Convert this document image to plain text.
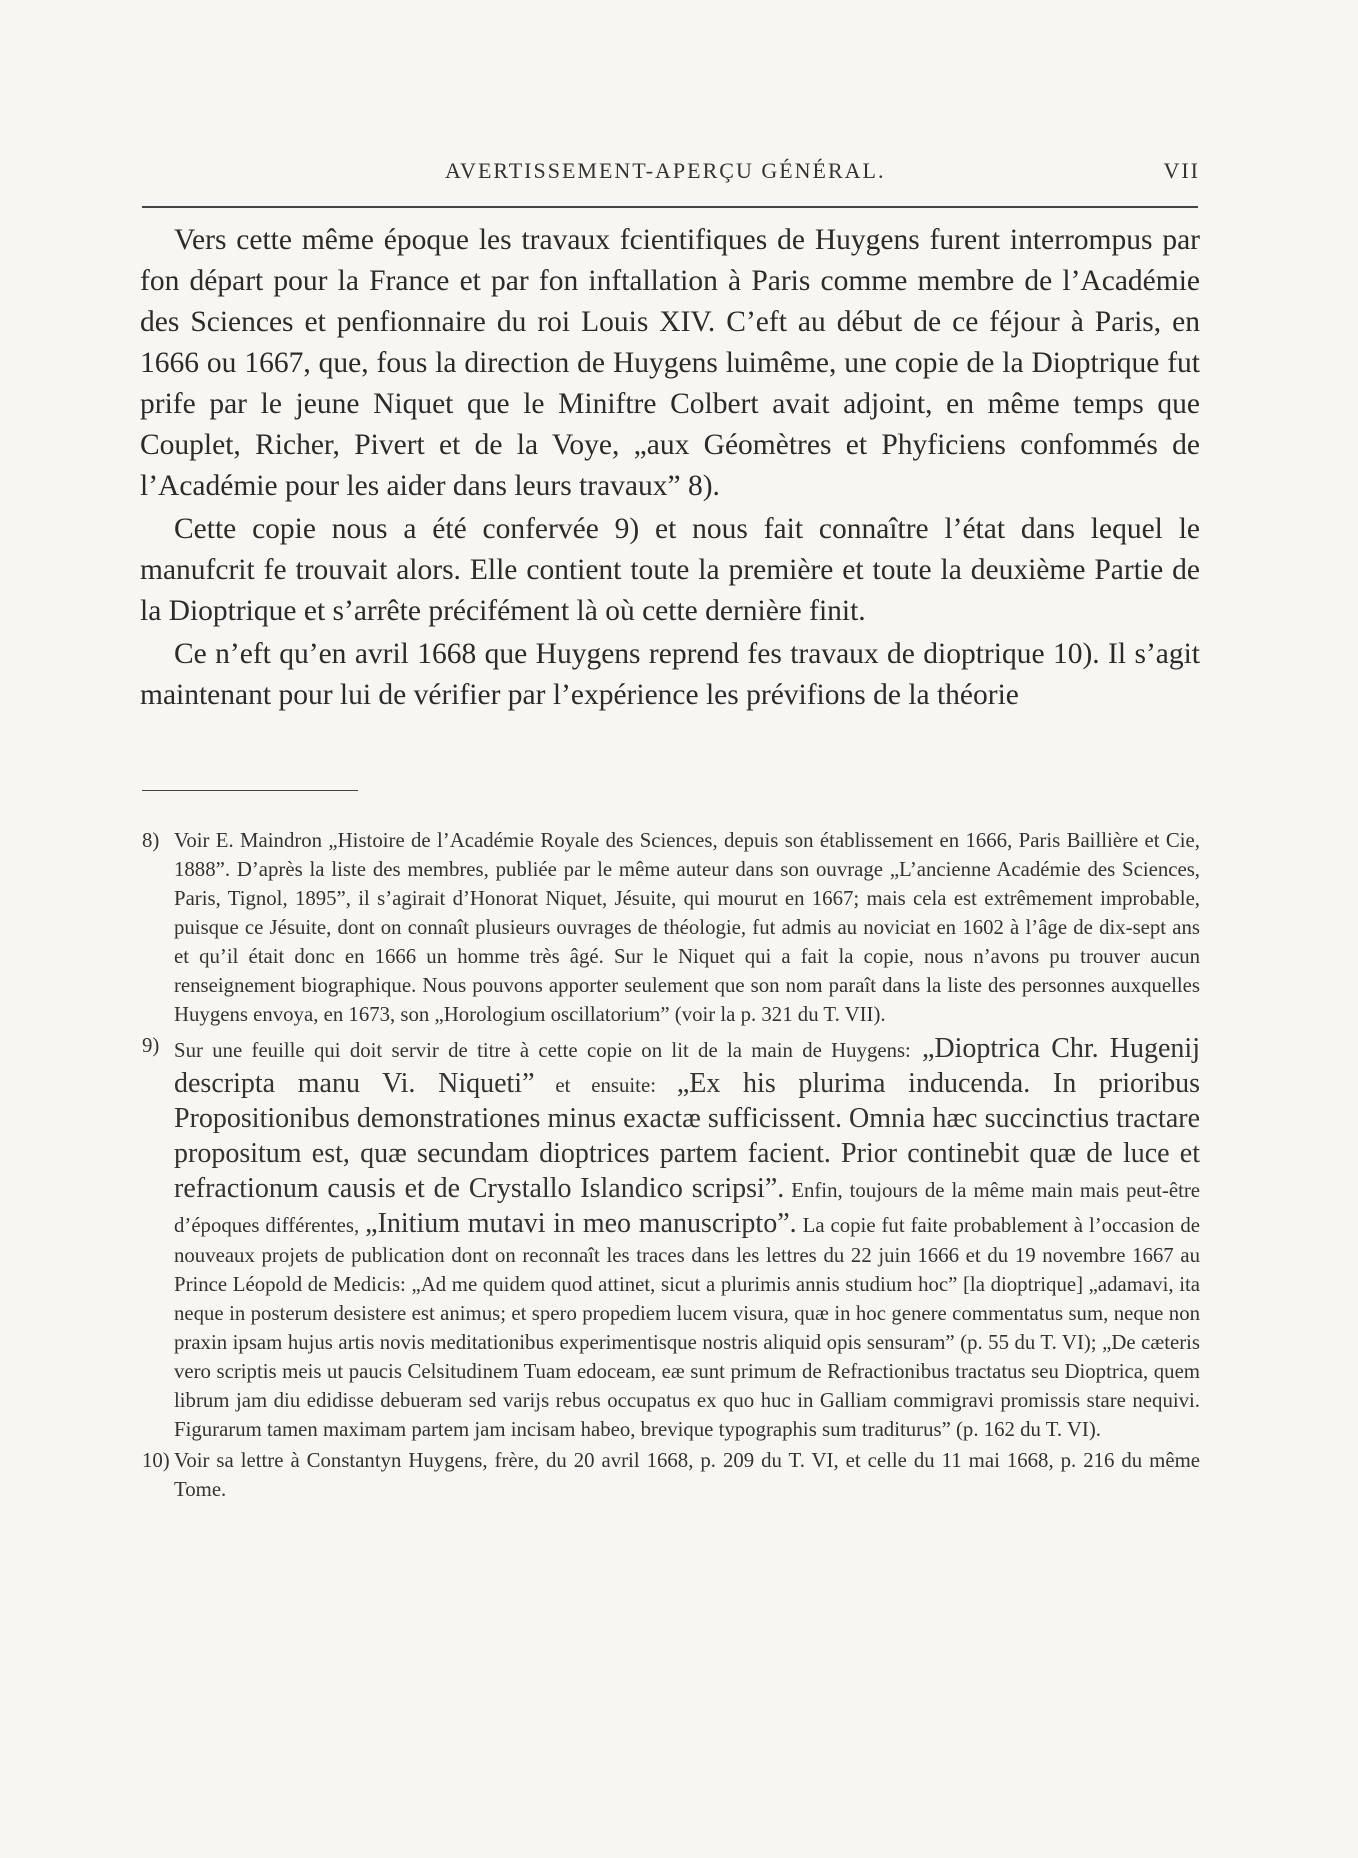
AVERTISSEMENT-APERÇU GÉNÉRAL.	VII

Vers cette même époque les travaux fcientifiques de Huygens furent interrompus par fon départ pour la France et par fon inftallation à Paris comme membre de l’Académie des Sciences et penfionnaire du roi Louis XIV. C’eft au début de ce féjour à Paris, en 1666 ou 1667, que, fous la direction de Huygens luimême, une copie de la Dioptrique fut prife par le jeune Niquet que le Miniftre Colbert avait adjoint, en même temps que Couplet, Richer, Pivert et de la Voye, „aux Géomètres et Phyficiens confommés de l’Académie pour les aider dans leurs travaux” 8).

Cette copie nous a été confervée 9) et nous fait connaître l’état dans lequel le manufcrit fe trouvait alors. Elle contient toute la première et toute la deuxième Partie de la Dioptrique et s’arrête précifément là où cette dernière finit.

Ce n’eft qu’en avril 1668 que Huygens reprend fes travaux de dioptrique 10). Il s’agit maintenant pour lui de vérifier par l’expérience les prévifions de la théorie

8) Voir E. Maindron „Histoire de l’Académie Royale des Sciences, depuis son établissement en 1666, Paris Baillière et Cie, 1888”. D’après la liste des membres, publiée par le même auteur dans son ouvrage „L’ancienne Académie des Sciences, Paris, Tignol, 1895”, il s’agirait d’Honorat Niquet, Jésuite, qui mourut en 1667; mais cela est extrêmement improbable, puisque ce Jésuite, dont on connaît plusieurs ouvrages de théologie, fut admis au noviciat en 1602 à l’âge de dix-sept ans et qu’il était donc en 1666 un homme très âgé. Sur le Niquet qui a fait la copie, nous n’avons pu trouver aucun renseignement biographique. Nous pouvons apporter seulement que son nom paraît dans la liste des personnes auxquelles Huygens envoya, en 1673, son „Horologium oscillatorium” (voir la p. 321 du T. VII).
9) Sur une feuille qui doit servir de titre à cette copie on lit de la main de Huygens: „Dioptrica Chr. Hugenij descripta manu Vi. Niqueti” et ensuite: „Ex his plurima inducenda. In prioribus Propositionibus demonstrationes minus exactæ sufficissent. Omnia hæc succinctius tractare propositum est, quæ secundam dioptrices partem facient. Prior continebit quæ de luce et refractionum causis et de Crystallo Islandico scripsi”. Enfin, toujours de la même main mais peut-être d’époques différentes, „Initium mutavi in meo manuscripto”. La copie fut faite probablement à l’occasion de nouveaux projets de publication dont on reconnaît les traces dans les lettres du 22 juin 1666 et du 19 novembre 1667 au Prince Léopold de Medicis: „Ad me quidem quod attinet, sicut a plurimis annis studium hoc” [la dioptrique] „adamavi, ita neque in posterum desistere est animus; et spero propediem lucem visura, quæ in hoc genere commentatus sum, neque non praxin ipsam hujus artis novis meditationibus experimentisque nostris aliquid opis sensuram” (p. 55 du T. VI); „De cæteris vero scriptis meis ut paucis Celsitudinem Tuam edoceam, eæ sunt primum de Refractionibus tractatus seu Dioptrica, quem librum jam diu edidisse debueram sed varijs rebus occupatus ex quo huc in Galliam commigravi promissis stare nequivi. Figurarum tamen maximam partem jam incisam habeo, brevique typographis sum traditurus” (p. 162 du T. VI).
10) Voir sa lettre à Constantyn Huygens, frère, du 20 avril 1668, p. 209 du T. VI, et celle du 11 mai 1668, p. 216 du même Tome.
